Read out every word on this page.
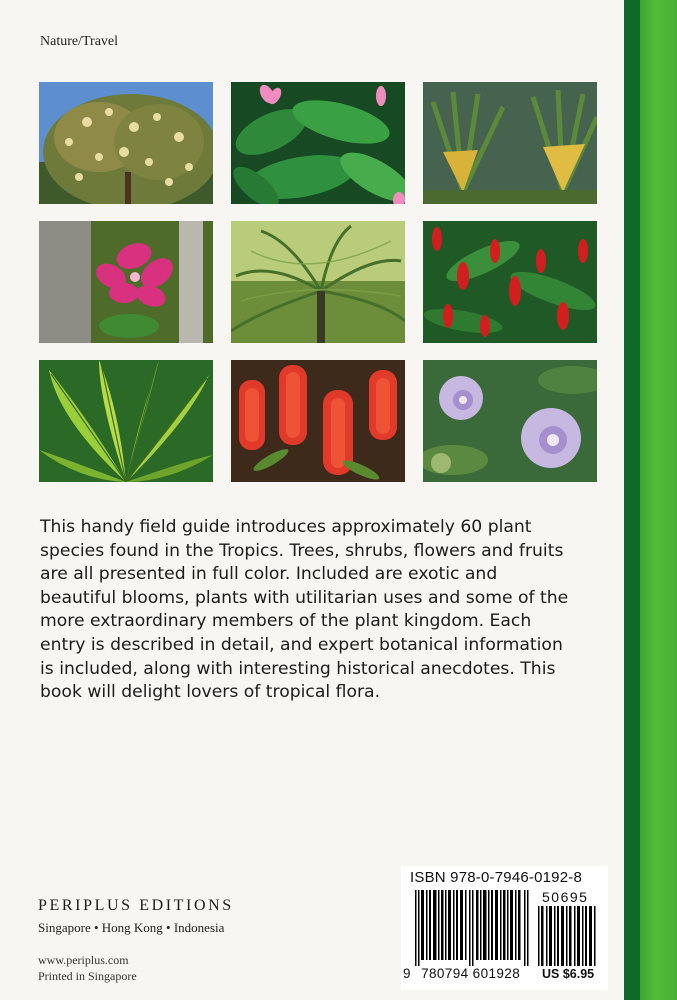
Nature/Travel

This handy field guide introduces approximately 60 plant
species found in the Tropics. Trees, shrubs, flowers and fruits
are all presented in full color. Included are exotic and
beautiful blooms, plants with utilitarian uses and some of the
more extraordinary members of the plant kingdom. Each
entry is described in detail, and expert botanical information
is included, along with interesting historical anecdotes. This
book will delight lovers of tropical flora.

PERIPLUS EDITIONS
Singapore • Hong Kong • Indonesia
www.periplus.com
Printed in Singapore
ISBN 978-0-7946-0192-8
50695
9 780794 601928 US $6.95
